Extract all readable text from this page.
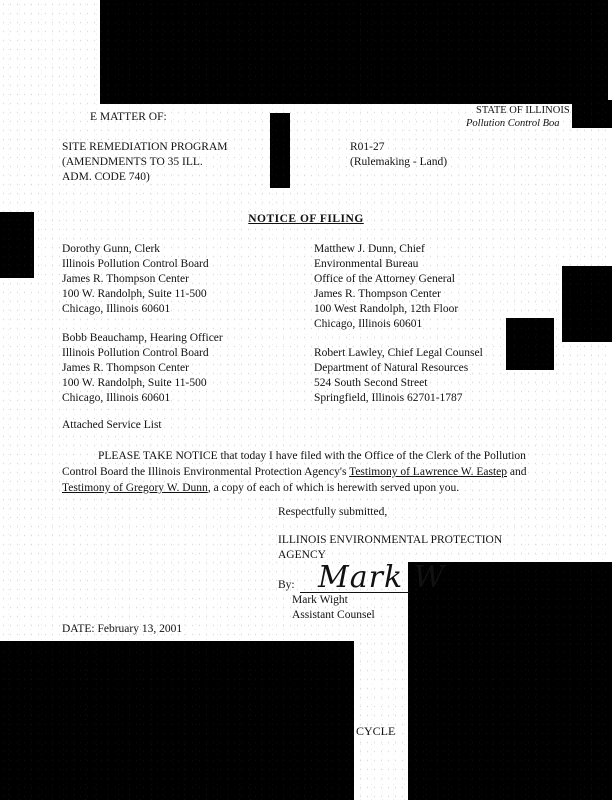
E MATTER OF:
STATE OF ILLINOIS
Pollution Control Boa
SITE REMEDIATION PROGRAM
(AMENDMENTS TO 35 ILL.
ADM. CODE 740)
R01-27
(Rulemaking - Land)
NOTICE OF FILING
Dorothy Gunn, Clerk
Illinois Pollution Control Board
James R. Thompson Center
100 W. Randolph, Suite 11-500
Chicago, Illinois 60601
Matthew J. Dunn, Chief
Environmental Bureau
Office of the Attorney General
James R. Thompson Center
100 West Randolph, 12th Floor
Chicago, Illinois 60601
Bobb Beauchamp, Hearing Officer
Illinois Pollution Control Board
James R. Thompson Center
100 W. Randolph, Suite 11-500
Chicago, Illinois 60601
Robert Lawley, Chief Legal Counsel
Department of Natural Resources
524 South Second Street
Springfield, Illinois 62701-1787
Attached Service List
PLEASE TAKE NOTICE that today I have filed with the Office of the Clerk of the Pollution Control Board the Illinois Environmental Protection Agency's Testimony of Lawrence W. Eastep and Testimony of Gregory W. Dunn, a copy of each of which is herewith served upon you.
Respectfully submitted,
ILLINOIS ENVIRONMENTAL PROTECTION
AGENCY
By: Mark W
Mark Wight
Assistant Counsel
DATE: February 13, 2001
CYCLE
